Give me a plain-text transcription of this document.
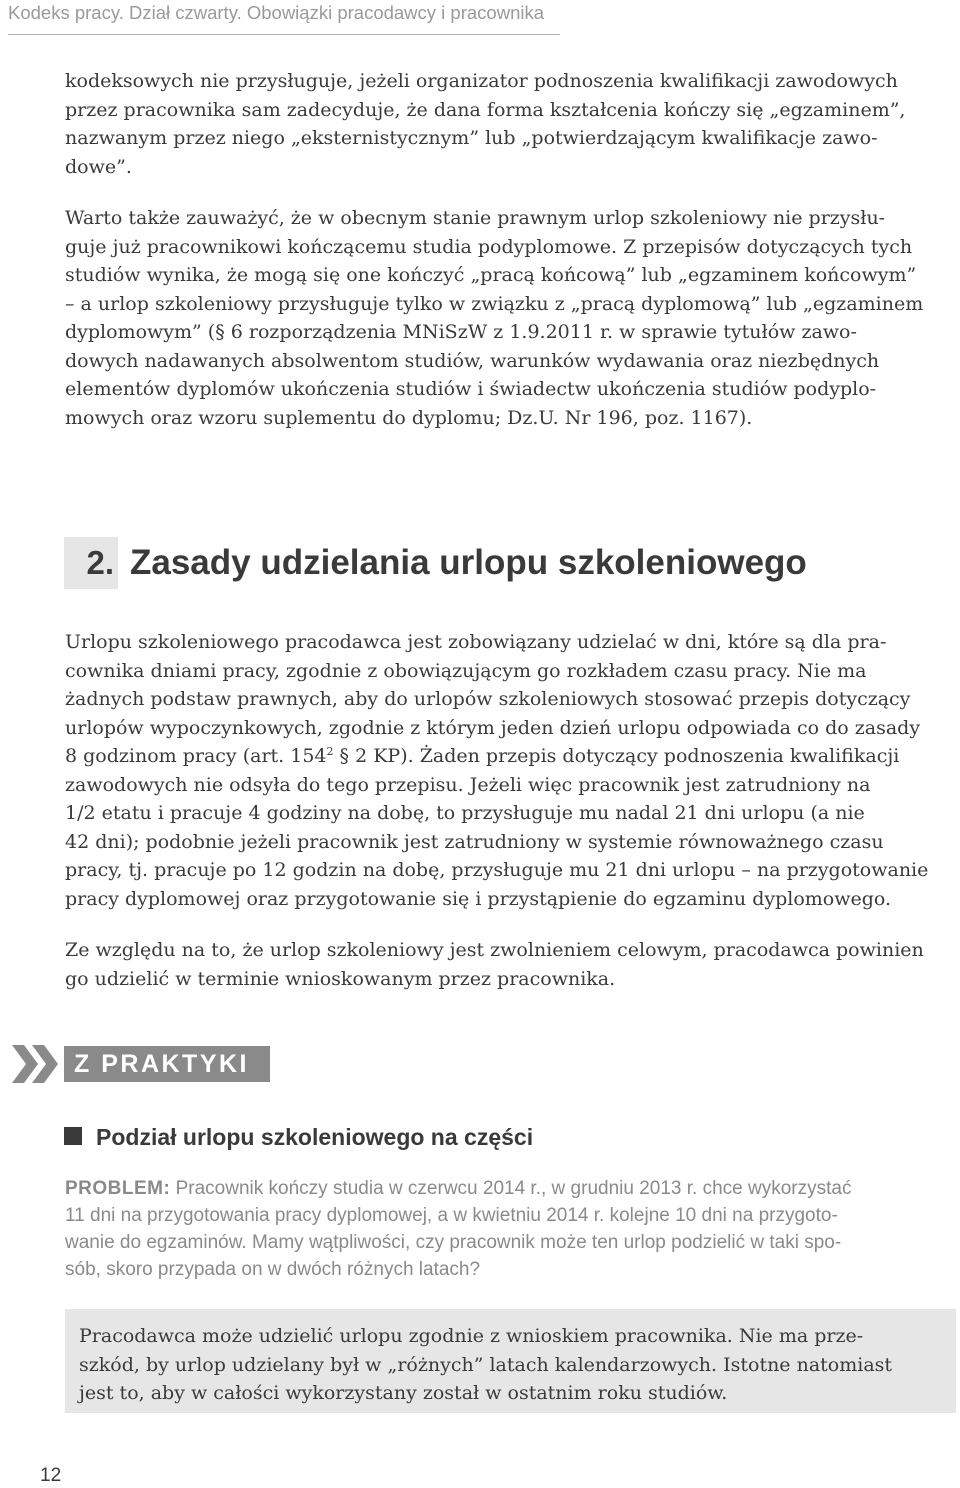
Kodeks pracy. Dział czwarty. Obowiązki pracodawcy i pracownika
kodeksowych nie przysługuje, jeżeli organizator podnoszenia kwalifikacji zawodowych
przez pracownika sam zadecyduje, że dana forma kształcenia kończy się „egzaminem”,
nazwanym przez niego „eksternistycznym” lub „potwierdzającym kwalifikacje zawo-
dowe”.
Warto także zauważyć, że w obecnym stanie prawnym urlop szkoleniowy nie przysłu-
guje już pracownikowi kończącemu studia podyplomowe. Z przepisów dotyczących tych
studiów wynika, że mogą się one kończyć „pracą końcową” lub „egzaminem końcowym”
– a urlop szkoleniowy przysługuje tylko w związku z „pracą dyplomową” lub „egzaminem
dyplomowym” (§ 6 rozporządzenia MNiSzW z 1.9.2011 r. w sprawie tytułów zawo-
dowych nadawanych absolwentom studiów, warunków wydawania oraz niezbędnych
elementów dyplomów ukończenia studiów i świadectw ukończenia studiów podyplo-
mowych oraz wzoru suplementu do dyplomu; Dz.U. Nr 196, poz. 1167).
2. Zasady udzielania urlopu szkoleniowego
Urlopu szkoleniowego pracodawca jest zobowiązany udzielać w dni, które są dla pra-
cownika dniami pracy, zgodnie z obowiązującym go rozkładem czasu pracy. Nie ma
żadnych podstaw prawnych, aby do urlopów szkoleniowych stosować przepis dotyczący
urlopów wypoczynkowych, zgodnie z którym jeden dzień urlopu odpowiada co do zasady
8 godzinom pracy (art. $154^2$ § 2 KP). Żaden przepis dotyczący podnoszenia kwalifikacji
zawodowych nie odsyła do tego przepisu. Jeżeli więc pracownik jest zatrudniony na
1/2 etatu i pracuje 4 godziny na dobę, to przysługuje mu nadal 21 dni urlopu (a nie
42 dni); podobnie jeżeli pracownik jest zatrudniony w systemie równoważnego czasu
pracy, tj. pracuje po 12 godzin na dobę, przysługuje mu 21 dni urlopu – na przygotowanie
pracy dyplomowej oraz przygotowanie się i przystąpienie do egzaminu dyplomowego.
Ze względu na to, że urlop szkoleniowy jest zwolnieniem celowym, pracodawca powinien
go udzielić w terminie wnioskowanym przez pracownika.
Z PRAKTYKI
Podział urlopu szkoleniowego na części
PROBLEM: Pracownik kończy studia w czerwcu 2014 r., w grudniu 2013 r. chce wykorzystać
11 dni na przygotowania pracy dyplomowej, a w kwietniu 2014 r. kolejne 10 dni na przygoto-
wanie do egzaminów. Mamy wątpliwości, czy pracownik może ten urlop podzielić w taki spo-
sób, skoro przypada on w dwóch różnych latach?
Pracodawca może udzielić urlopu zgodnie z wnioskiem pracownika. Nie ma prze-
szkód, by urlop udzielany był w „różnych” latach kalendarzowych. Istotne natomiast
jest to, aby w całości wykorzystany został w ostatnim roku studiów.
12
